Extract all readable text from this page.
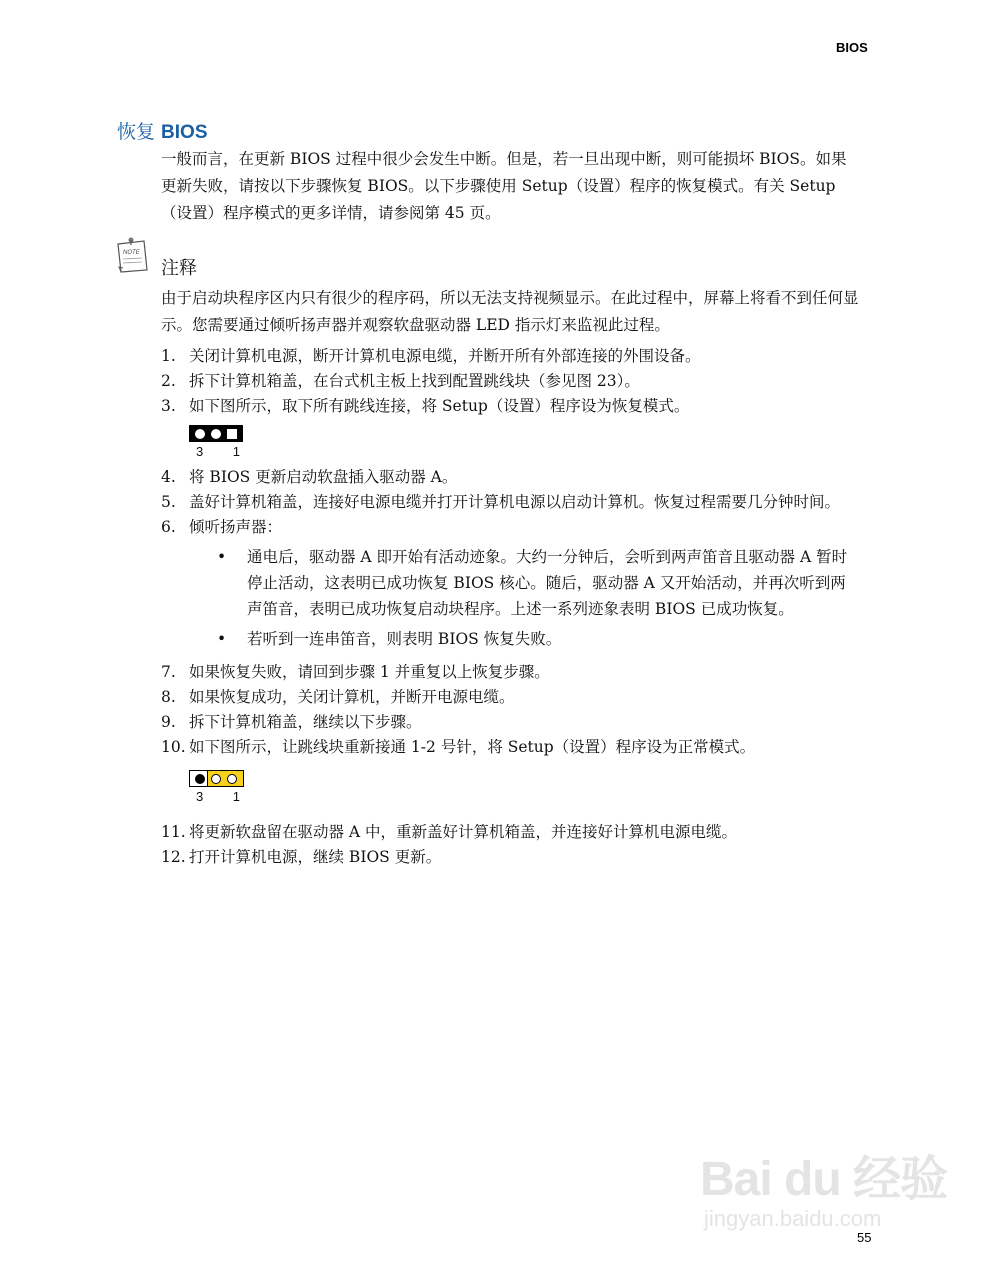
BIOS
恢复 BIOS

一般而言，在更新 BIOS 过程中很少会发生中断。但是，若一旦出现中断，则可能损坏 BIOS。如果更新失败，请按以下步骤恢复 BIOS。以下步骤使用 Setup（设置）程序的恢复模式。有关 Setup（设置）程序模式的更多详情，请参阅第 45 页。

NOTE
注释

由于启动块程序区内只有很少的程序码，所以无法支持视频显示。在此过程中，屏幕上将看不到任何显示。您需要通过倾听扬声器并观察软盘驱动器 LED 指示灯来监视此过程。

1. 关闭计算机电源，断开计算机电源电缆，并断开所有外部连接的外围设备。
2. 拆下计算机箱盖，在台式机主板上找到配置跳线块（参见图 23）。
3. 如下图所示，取下所有跳线连接，将 Setup（设置）程序设为恢复模式。
3 1
4. 将 BIOS 更新启动软盘插入驱动器 A。
5. 盖好计算机箱盖，连接好电源电缆并打开计算机电源以启动计算机。恢复过程需要几分钟时间。
6. 倾听扬声器：
• 通电后，驱动器 A 即开始有活动迹象。大约一分钟后，会听到两声笛音且驱动器 A 暂时停止活动，这表明已成功恢复 BIOS 核心。随后，驱动器 A 又开始活动，并再次听到两声笛音，表明已成功恢复启动块程序。上述一系列迹象表明 BIOS 已成功恢复。
• 若听到一连串笛音，则表明 BIOS 恢复失败。
7. 如果恢复失败，请回到步骤 1 并重复以上恢复步骤。
8. 如果恢复成功，关闭计算机，并断开电源电缆。
9. 拆下计算机箱盖，继续以下步骤。
10. 如下图所示，让跳线块重新接通 1-2 号针，将 Setup（设置）程序设为正常模式。
3 1
11. 将更新软盘留在驱动器 A 中，重新盖好计算机箱盖，并连接好计算机电源电缆。
12. 打开计算机电源，继续 BIOS 更新。
Bai du 经验
jingyan.baidu.com
55
